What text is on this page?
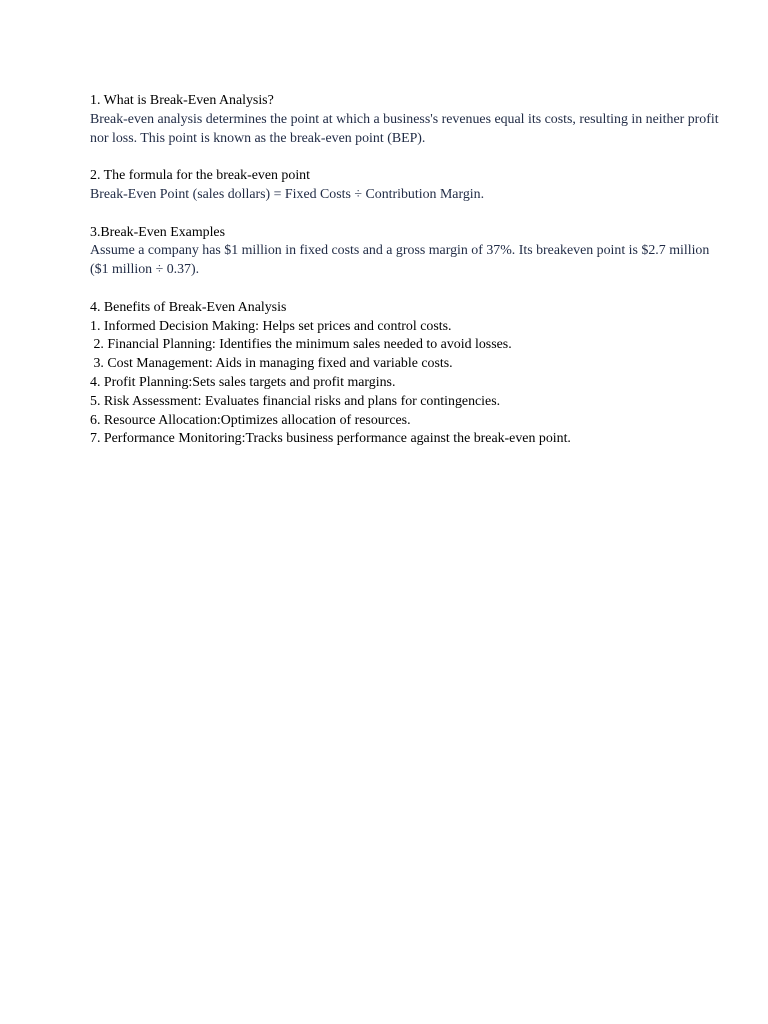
1. What is Break-Even Analysis?
Break-even analysis determines the point at which a business's revenues equal its costs, resulting in neither profit nor loss. This point is known as the break-even point (BEP).
2. The formula for the break-even point
Break-Even Point (sales dollars) = Fixed Costs ÷ Contribution Margin.
3.Break-Even Examples
Assume a company has $1 million in fixed costs and a gross margin of 37%. Its breakeven point is $2.7 million ($1 million ÷ 0.37).
4. Benefits of Break-Even Analysis
1. Informed Decision Making: Helps set prices and control costs.
2. Financial Planning: Identifies the minimum sales needed to avoid losses.
3. Cost Management: Aids in managing fixed and variable costs.
4. Profit Planning:Sets sales targets and profit margins.
5. Risk Assessment: Evaluates financial risks and plans for contingencies.
6. Resource Allocation:Optimizes allocation of resources.
7. Performance Monitoring:Tracks business performance against the break-even point.
